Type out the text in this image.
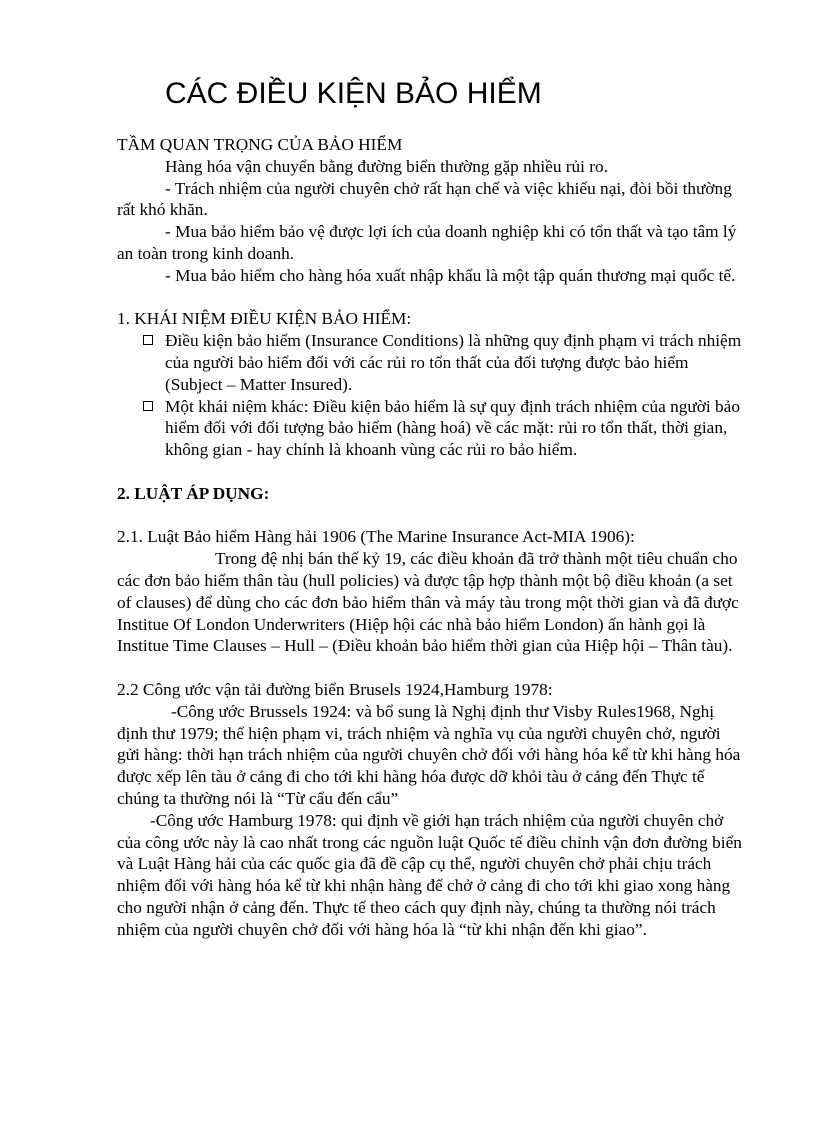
CÁC ĐIỀU KIỆN BẢO HIỂM

TẦM QUAN TRỌNG CỦA BẢO HIỂM

Hàng hóa vận chuyển bằng đường biển thường gặp nhiều rủi ro.

- Trách nhiệm của người chuyên chở rất hạn chế và việc khiếu nại, đòi bồi thường rất khó khăn.

- Mua bảo hiểm bảo vệ được lợi ích của doanh nghiệp khi có tổn thất và tạo tâm lý an toàn trong kinh doanh.

- Mua bảo hiểm cho hàng hóa xuất nhập khẩu là một tập quán thương mại quốc tế.

1. KHÁI NIỆM ĐIỀU KIỆN BẢO HIỂM:

Điều kiện bảo hiểm (Insurance Conditions) là những quy định phạm vi trách nhiệm của người bảo hiểm đối với các rủi ro tổn thất của đối tượng được bảo hiểm (Subject – Matter Insured).
Một khái niệm khác: Điều kiện bảo hiểm là sự quy định trách nhiệm của người bảo hiểm đối với đối tượng bảo hiểm (hàng hoá) về các mặt: rủi ro tổn thất, thời gian, không gian - hay chính là khoanh vùng các rủi ro bảo hiểm.

2. LUẬT ÁP DỤNG:

2.1. Luật Bảo hiểm Hàng hải 1906 (The Marine Insurance Act-MIA 1906):

Trong đệ nhị bán thế kỷ 19, các điều khoản đã trở thành một tiêu chuẩn cho các đơn bảo hiểm thân tàu (hull policies) và được tập hợp thành một bộ điều khoản (a set of clauses) để dùng cho các đơn bảo hiểm thân và máy tàu trong một thời gian và đã được Institue Of London Underwriters (Hiệp hội các nhà bảo hiểm London) ấn hành gọi là Institue Time Clauses – Hull – (Điều khoản bảo hiểm thời gian của Hiệp hội – Thân tàu).

2.2 Công ước vận tải đường biển Brusels 1924,Hamburg 1978:

-Công ước Brussels 1924: và bổ sung là Nghị định thư Visby Rules1968, Nghị định thư 1979; thể hiện phạm vi, trách nhiệm và nghĩa vụ của người chuyên chở, người gửi hàng: thời hạn trách nhiệm của người chuyên chở đối với hàng hóa kể từ khi hàng hóa được xếp lên tàu ở cảng đi cho tới khi hàng hóa được dỡ khỏi tàu ở cảng đến Thực tế chúng ta thường nói là “Từ cẩu đến cẩu”

-Công ước Hamburg 1978: qui định về giới hạn trách nhiệm của người chuyên chở của công ước này là cao nhất trong các nguồn luật Quốc tế điều chỉnh vận đơn đường biển và Luật Hàng hải của các quốc gia đã đề cập cụ thể, người chuyên chở phải chịu trách nhiệm đối với hàng hóa kể từ khi nhận hàng để chở ở cảng đi cho tới khi giao xong hàng cho người nhận ở cảng đến. Thực tế theo cách quy định này, chúng ta thường nói trách nhiệm của người chuyên chở đối với hàng hóa là “từ khi nhận đến khi giao”.
